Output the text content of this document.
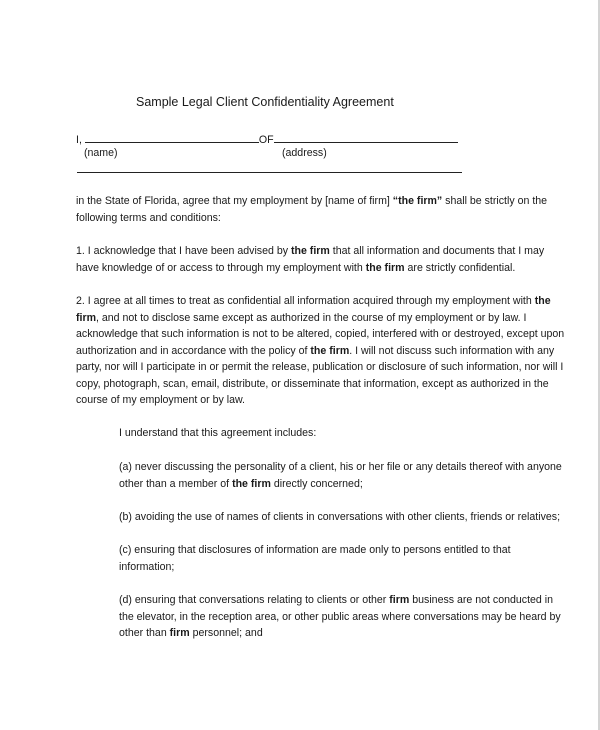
Sample Legal Client Confidentiality Agreement
I,	OF
(name)	(address)
in the State of Florida, agree that my employment by [name of firm] “the firm” shall be strictly on the
following terms and conditions:
1. I acknowledge that I have been advised by the firm that all information and documents that I may
have knowledge of or access to through my employment with the firm are strictly confidential.
2. I agree at all times to treat as confidential all information acquired through my employment with the
firm, and not to disclose same except as authorized in the course of my employment or by law. I
acknowledge that such information is not to be altered, copied, interfered with or destroyed, except upon
authorization and in accordance with the policy of the firm. I will not discuss such information with any
party, nor will I participate in or permit the release, publication or disclosure of such information, nor will I
copy, photograph, scan, email, distribute, or disseminate that information, except as authorized in the
course of my employment or by law.
I understand that this agreement includes:
(a) never discussing the personality of a client, his or her file or any details thereof with anyone
other than a member of the firm directly concerned;
(b) avoiding the use of names of clients in conversations with other clients, friends or relatives;
(c) ensuring that disclosures of information are made only to persons entitled to that
information;
(d) ensuring that conversations relating to clients or other firm business are not conducted in
the elevator, in the reception area, or other public areas where conversations may be heard by
other than firm personnel; and
